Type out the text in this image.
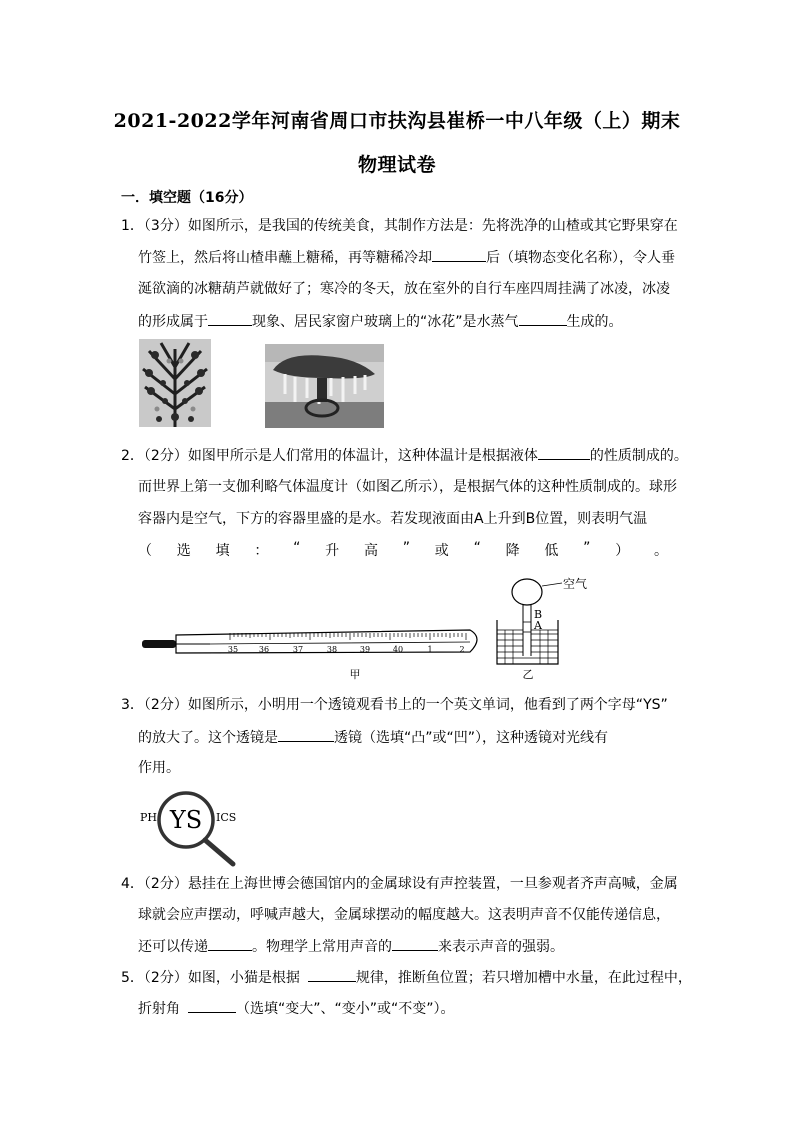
2021-2022学年河南省周口市扶沟县崔桥一中八年级（上）期末
物理试卷
一．填空题（16分）
1．（3分）如图所示，是我国的传统美食，其制作方法是：先将洗净的山楂或其它野果穿在
竹签上，然后将山楂串蘸上糖稀，再等糖稀冷却	后（填物态变化名称），令人垂
涎欲滴的冰糖葫芦就做好了；寒冷的冬天，放在室外的自行车座四周挂满了冰凌，冰凌
的形成属于	现象、居民家窗户玻璃上的“冰花”是水蒸气	生成的。
2．（2分）如图甲所示是人们常用的体温计，这种体温计是根据液体	的性质制成的。
而世界上第一支伽利略气体温度计（如图乙所示），是根据气体的这种性质制成的。球形
容器内是空气，下方的容器里盛的是水。若发现液面由A上升到B位置，则表明气温
（ 选 填 ： “ 升 高 ” 或 “ 降 低 ” ） 。
35	36	37	38	39	40	1	2
甲
空气
B
A
乙
3．（2分）如图所示，小明用一个透镜观看书上的一个英文单词，他看到了两个字母“YS”
的放大了。这个透镜是	透镜（选填“凸”或“凹”），这种透镜对光线有
作用。
PH YS ICS
4．（2分）悬挂在上海世博会德国馆内的金属球设有声控装置，一旦参观者齐声高喊，金属
球就会应声摆动，呼喊声越大，金属球摆动的幅度越大。这表明声音不仅能传递信息，
还可以传递	。物理学上常用声音的	来表示声音的强弱。
5．（2分）如图，小猫是根据	规律，推断鱼位置；若只增加槽中水量，在此过程中，
折射角	（选填“变大”、“变小”或“不变”）。
